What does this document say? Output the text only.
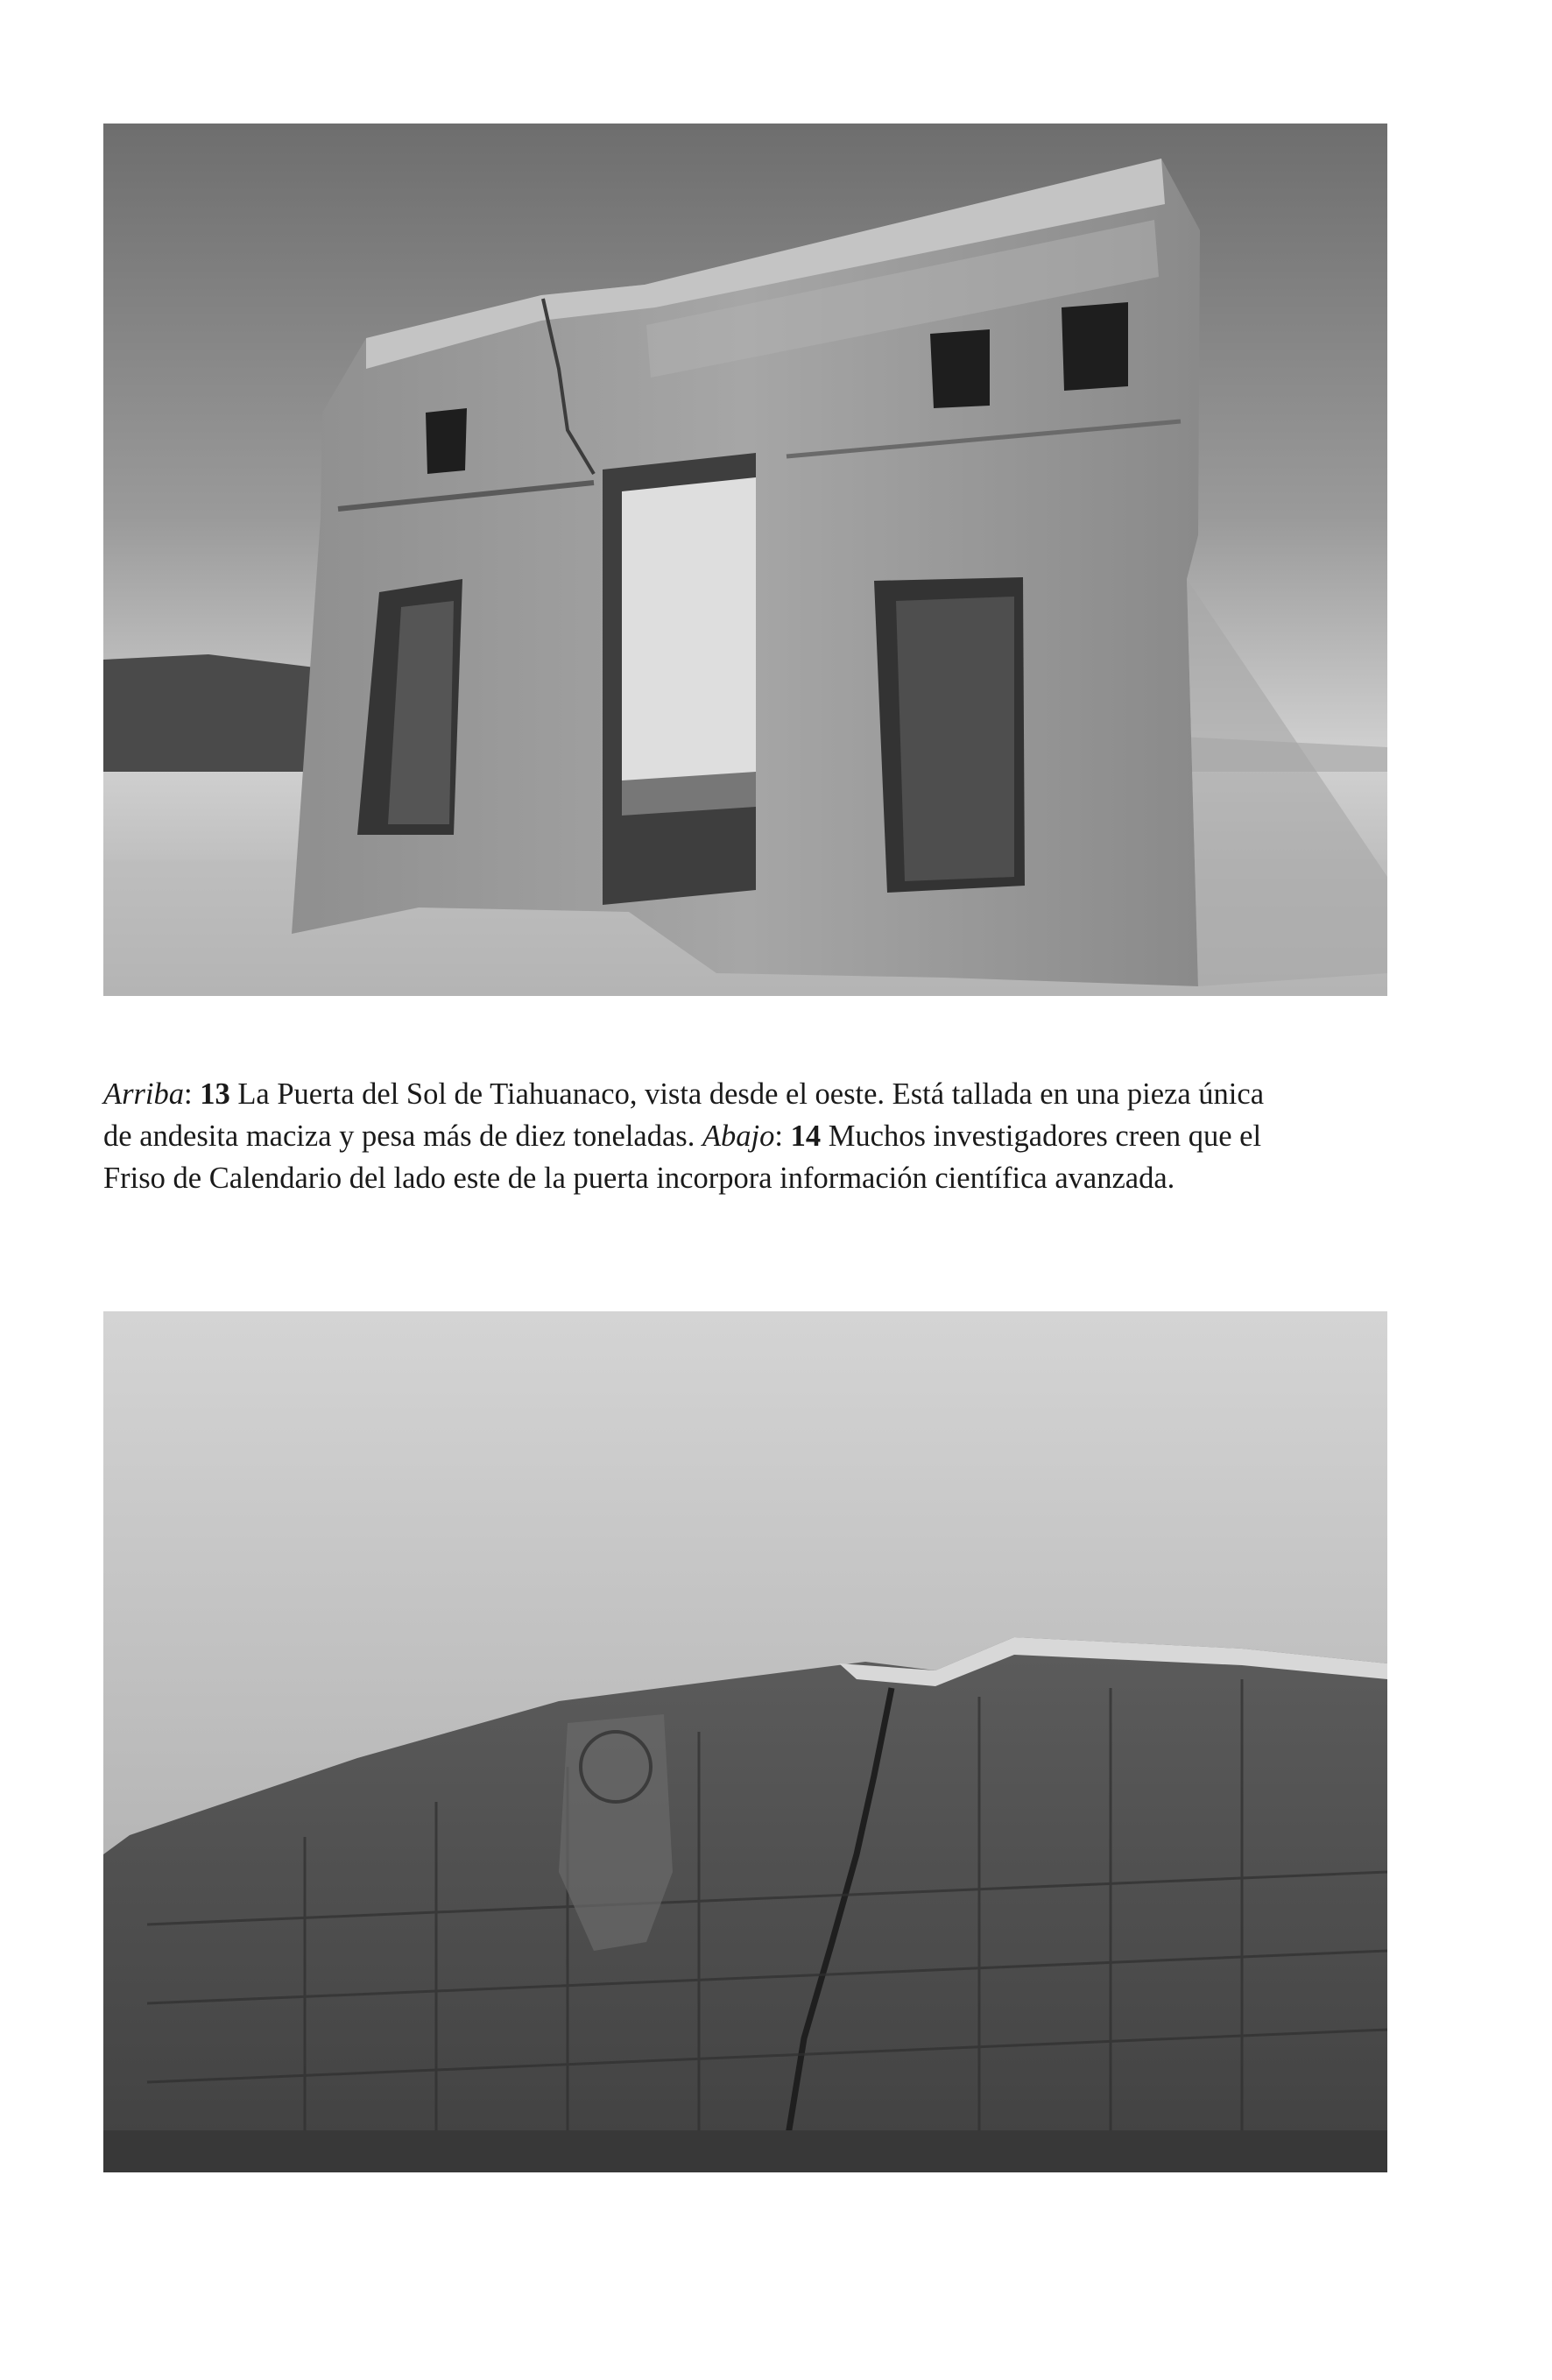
Arriba: 13 La Puerta del Sol de Tiahuanaco, vista desde el oeste. Está tallada en una pieza única

de andesita maciza y pesa más de diez toneladas. Abajo: 14 Muchos investigadores creen que el

Friso de Calendario del lado este de la puerta incorpora información científica avanzada.
